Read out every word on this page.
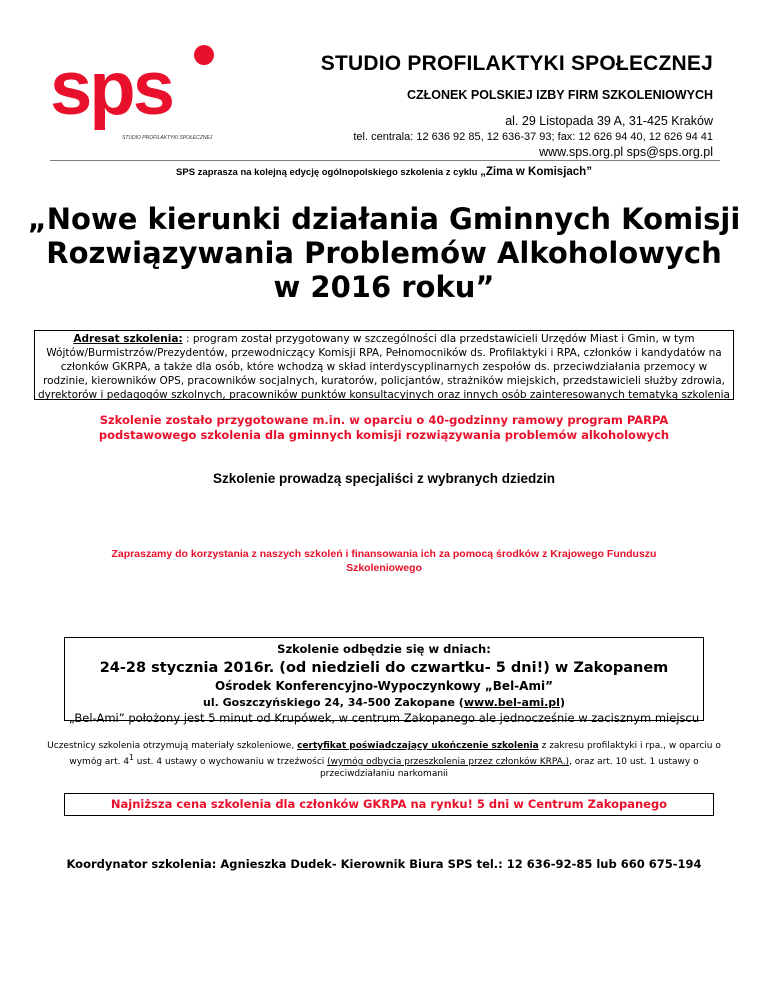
sps
STUDIO PROFILAKTYKI SPOŁECZNEJ
STUDIO PROFILAKTYKI SPOŁECZNEJ
CZŁONEK POLSKIEJ IZBY FIRM SZKOLENIOWYCH
al. 29 Listopada 39 A, 31-425 Kraków
tel. centrala: 12 636 92 85, 12 636-37 93; fax: 12 626 94 40, 12 626 94 41
www.sps.org.pl sps@sps.org.pl
SPS zaprasza na kolejną edycję ogólnopolskiego szkolenia z cyklu „Zima w Komisjach”
„Nowe kierunki działania Gminnych Komisji
Rozwiązywania Problemów Alkoholowych
w 2016 roku”
Adresat szkolenia: : program został przygotowany w szczególności dla przedstawicieli Urzędów Miast i Gmin, w tym Wójtów/Burmistrzów/Prezydentów, przewodniczący Komisji RPA, Pełnomocników ds. Profilaktyki i RPA, członków i kandydatów na członków GKRPA, a także dla osób, które wchodzą w skład interdyscyplinarnych zespołów ds. przeciwdziałania przemocy w rodzinie, kierowników OPS, pracowników socjalnych, kuratorów, policjantów, strażników miejskich, przedstawicieli służby zdrowia, dyrektorów i pedagogów szkolnych, pracowników punktów konsultacyjnych oraz innych osób zainteresowanych tematyką szkolenia
Szkolenie zostało przygotowane m.in. w oparciu o 40-godzinny ramowy program PARPA
podstawowego szkolenia dla gminnych komisji rozwiązywania problemów alkoholowych
Szkolenie prowadzą specjaliści z wybranych dziedzin
Zapraszamy do korzystania z naszych szkoleń i finansowania ich za pomocą środków z Krajowego Funduszu
Szkoleniowego
Szkolenie odbędzie się w dniach:
24-28 stycznia 2016r. (od niedzieli do czwartku- 5 dni!) w Zakopanem
Ośrodek Konferencyjno-Wypoczynkowy „Bel-Ami”
ul. Goszczyńskiego 24, 34-500 Zakopane (www.bel-ami.pl)
„Bel-Ami” położony jest 5 minut od Krupówek, w centrum Zakopanego ale jednocześnie w zacisznym miejscu
Uczestnicy szkolenia otrzymują materiały szkoleniowe, certyfikat poświadczający ukończenie szkolenia z zakresu profilaktyki i rpa., w oparciu o wymóg art. $4^1$ ust. 4 ustawy o wychowaniu w trzeźwości (wymóg odbycia przeszkolenia przez członków KRPA.), oraz art. 10 ust. 1 ustawy o przeciwdziałaniu narkomanii
Najniższa cena szkolenia dla członków GKRPA na rynku! 5 dni w Centrum Zakopanego
Koordynator szkolenia: Agnieszka Dudek- Kierownik Biura SPS tel.: 12 636-92-85 lub 660 675-194
